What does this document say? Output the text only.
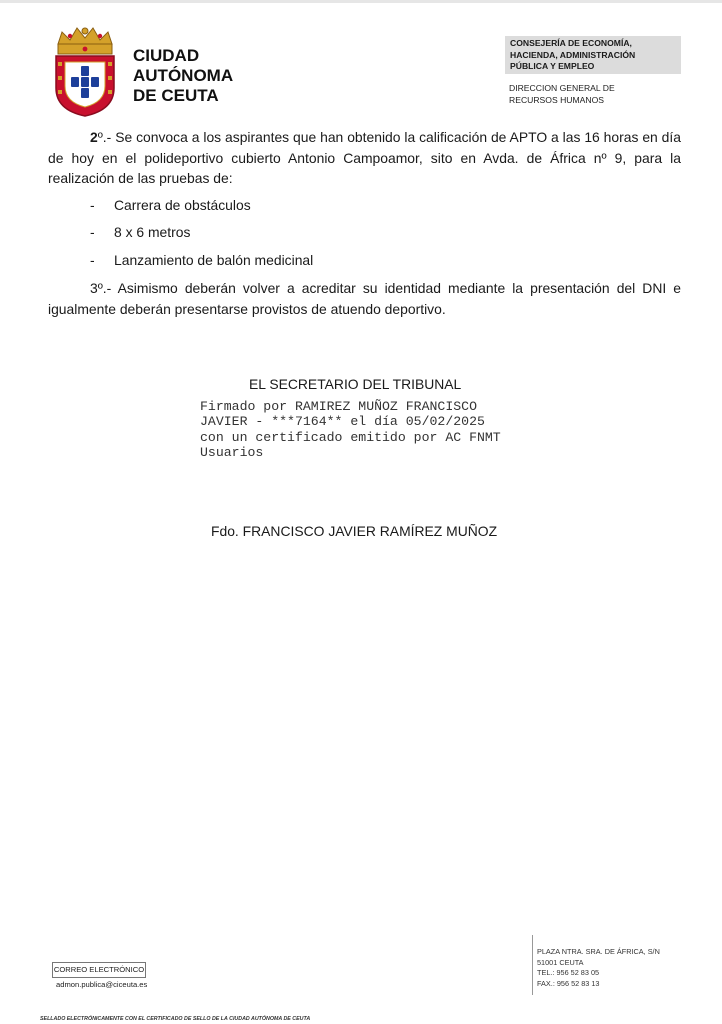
CIUDAD
AUTÓNOMA
DE CEUTA
CONSEJERÍA DE ECONOMÍA,
HACIENDA, ADMINISTRACIÓN
PÚBLICA Y EMPLEO
DIRECCION GENERAL DE
RECURSOS HUMANOS
2º.- Se convoca a los aspirantes que han obtenido la calificación de APTO a las 16 horas en día de hoy en el polideportivo cubierto Antonio Campoamor, sito en Avda. de África nº 9, para la realización de las pruebas de:
- Carrera de obstáculos
- 8 x 6 metros
- Lanzamiento de balón medicinal
3º.- Asimismo deberán volver a acreditar su identidad mediante la presentación del DNI e igualmente deberán presentarse provistos de atuendo deportivo.
EL SECRETARIO DEL TRIBUNAL
Firmado por RAMIREZ MUÑOZ FRANCISCO
JAVIER - ***7164** el día 05/02/2025
con un certificado emitido por AC FNMT
Usuarios
Fdo. FRANCISCO JAVIER RAMÍREZ MUÑOZ
CORREO ELECTRÓNICO
admon.publica@ciceuta.es
PLAZA NTRA. SRA. DE ÁFRICA, S/N
51001 CEUTA
TEL.: 956 52 83 05
FAX.: 956 52 83 13
SELLADO ELECTRÓNICAMENTE CON EL CERTIFICADO DE SELLO DE LA CIUDAD AUTÓNOMA DE CEUTA
